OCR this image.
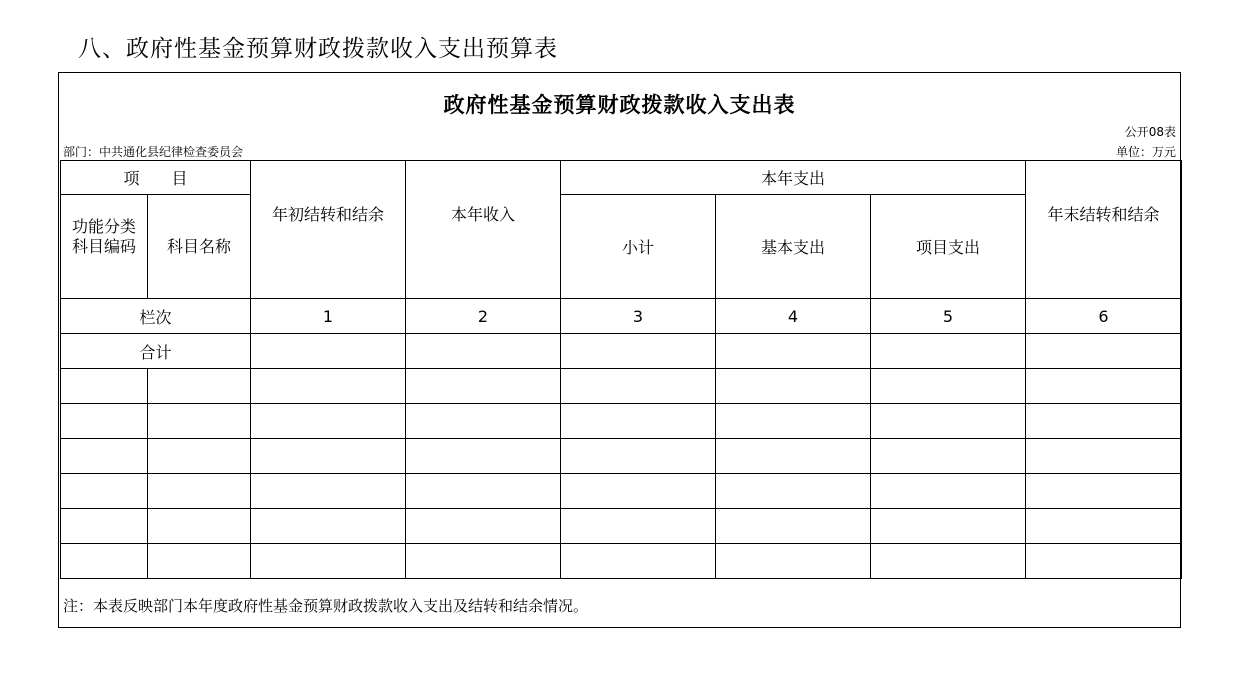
八、政府性基金预算财政拨款收入支出预算表
政府性基金预算财政拨款收入支出表
公开08表
部门：中共通化县纪律检查委员会	单位：万元
项　　目		年初结转和结余	本年收入	本年支出			年末结转和结余

功能分类
科目编码	科目名称			小计	基本支出	项目支出	
栏次		1	2	3	4	5	6
合计							

注：本表反映部门本年度政府性基金预算财政拨款收入支出及结转和结余情况。
